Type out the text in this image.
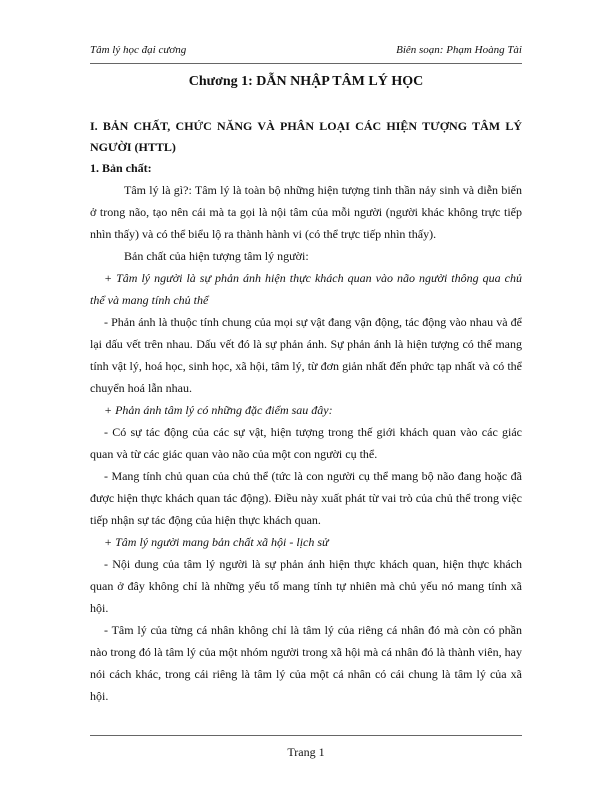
Tâm lý học đại cương	Biên soạn: Phạm Hoàng Tài
Chương 1: DẪN NHẬP TÂM LÝ HỌC
I. BẢN CHẤT, CHỨC NĂNG VÀ PHÂN LOẠI CÁC HIỆN TƯỢNG TÂM LÝ NGƯỜI (HTTL)
1. Bản chất:

Tâm lý là gì?: Tâm lý là toàn bộ những hiện tượng tinh thần nảy sinh và diễn biến ở trong não, tạo nên cái mà ta gọi là nội tâm của mỗi người (người khác không trực tiếp nhìn thấy) và có thể biểu lộ ra thành hành vi (có thể trực tiếp nhìn thấy).

Bản chất của hiện tượng tâm lý người:

+ Tâm lý người là sự phản ánh hiện thực khách quan vào não người thông qua chủ thể và mang tính chủ thể

- Phản ánh là thuộc tính chung của mọi sự vật đang vận động, tác động vào nhau và để lại dấu vết trên nhau. Dấu vết đó là sự phản ánh. Sự phản ánh là hiện tượng có thể mang tính vật lý, hoá học, sinh học, xã hội, tâm lý, từ đơn giản nhất đến phức tạp nhất và có thể chuyển hoá lẫn nhau.

+ Phản ánh tâm lý có những đặc điểm sau đây:

- Có sự tác động của các sự vật, hiện tượng trong thế giới khách quan vào các giác quan và từ các giác quan vào não của một con người cụ thể.

- Mang tính chủ quan của chủ thể (tức là con người cụ thể mang bộ não đang hoặc đã được hiện thực khách quan tác động). Điều này xuất phát từ vai trò của chủ thể trong việc tiếp nhận sự tác động của hiện thực khách quan.

+ Tâm lý người mang bản chất xã hội - lịch sử

- Nội dung của tâm lý người là sự phản ánh hiện thực khách quan, hiện thực khách quan ở đây không chỉ là những yếu tố mang tính tự nhiên mà chủ yếu nó mang tính xã hội.

- Tâm lý của từng cá nhân không chỉ là tâm lý của riêng cá nhân đó mà còn có phần nào trong đó là tâm lý của một nhóm người trong xã hội mà cá nhân đó là thành viên, hay nói cách khác, trong cái riêng là tâm lý của một cá nhân có cái chung là tâm lý của xã hội.

Trang 1
